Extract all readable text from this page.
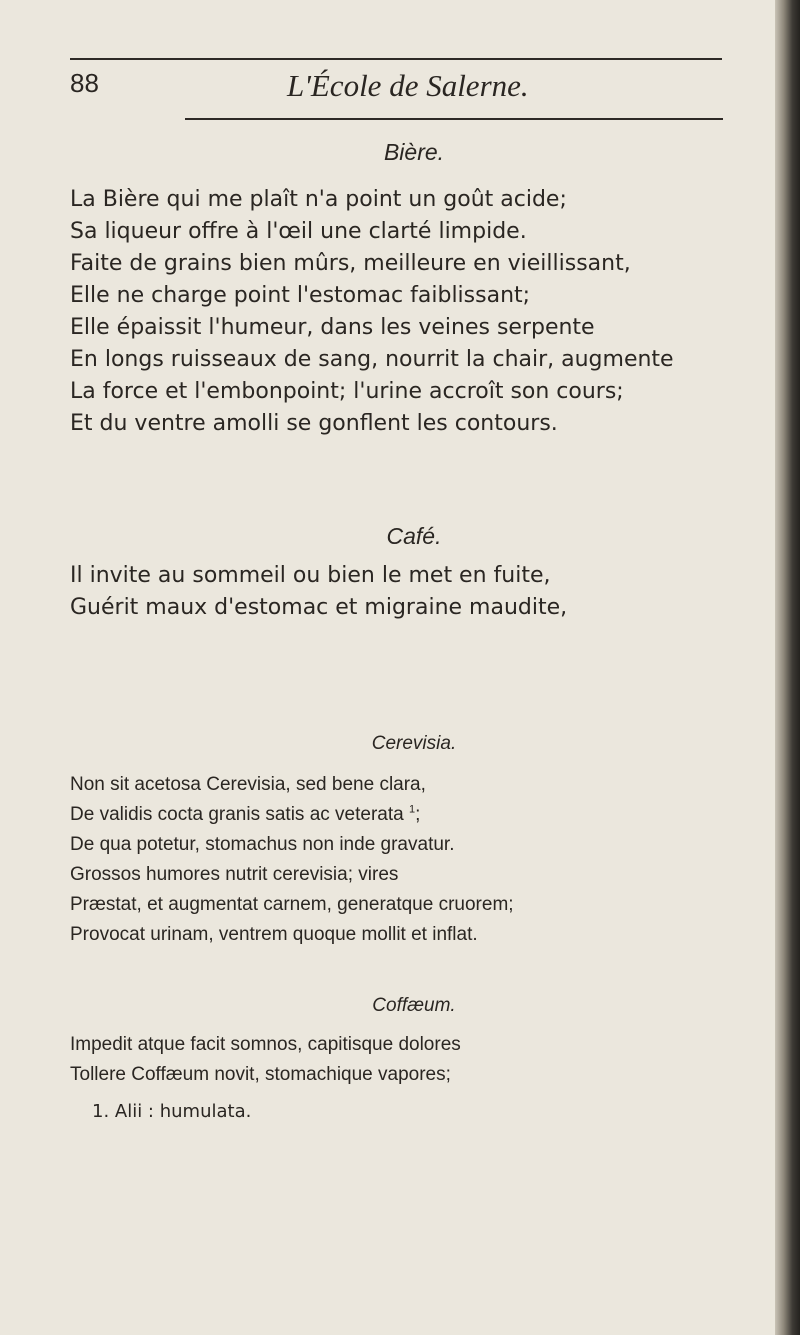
88	L'École de Salerne.
Bière.
La Bière qui me plaît n'a point un goût acide;
Sa liqueur offre à l'œil une clarté limpide.
Faite de grains bien mûrs, meilleure en vieillissant,
Elle ne charge point l'estomac faiblissant;
Elle épaissit l'humeur, dans les veines serpente
En longs ruisseaux de sang, nourrit la chair, augmente
La force et l'embonpoint; l'urine accroît son cours;
Et du ventre amolli se gonflent les contours.
Café.
Il invite au sommeil ou bien le met en fuite,
Guérit maux d'estomac et migraine maudite,
Cerevisia.
Non sit acetosa Cerevisia, sed bene clara,
De validis cocta granis satis ac veterata $^1$;
De qua potetur, stomachus non inde gravatur.
Grossos humores nutrit cerevisia; vires
Præstat, et augmentat carnem, generatque cruorem;
Provocat urinam, ventrem quoque mollit et inflat.
Coffæum.
Impedit atque facit somnos, capitisque dolores
Tollere Coffæum novit, stomachique vapores;
1. Alii : humulata.
